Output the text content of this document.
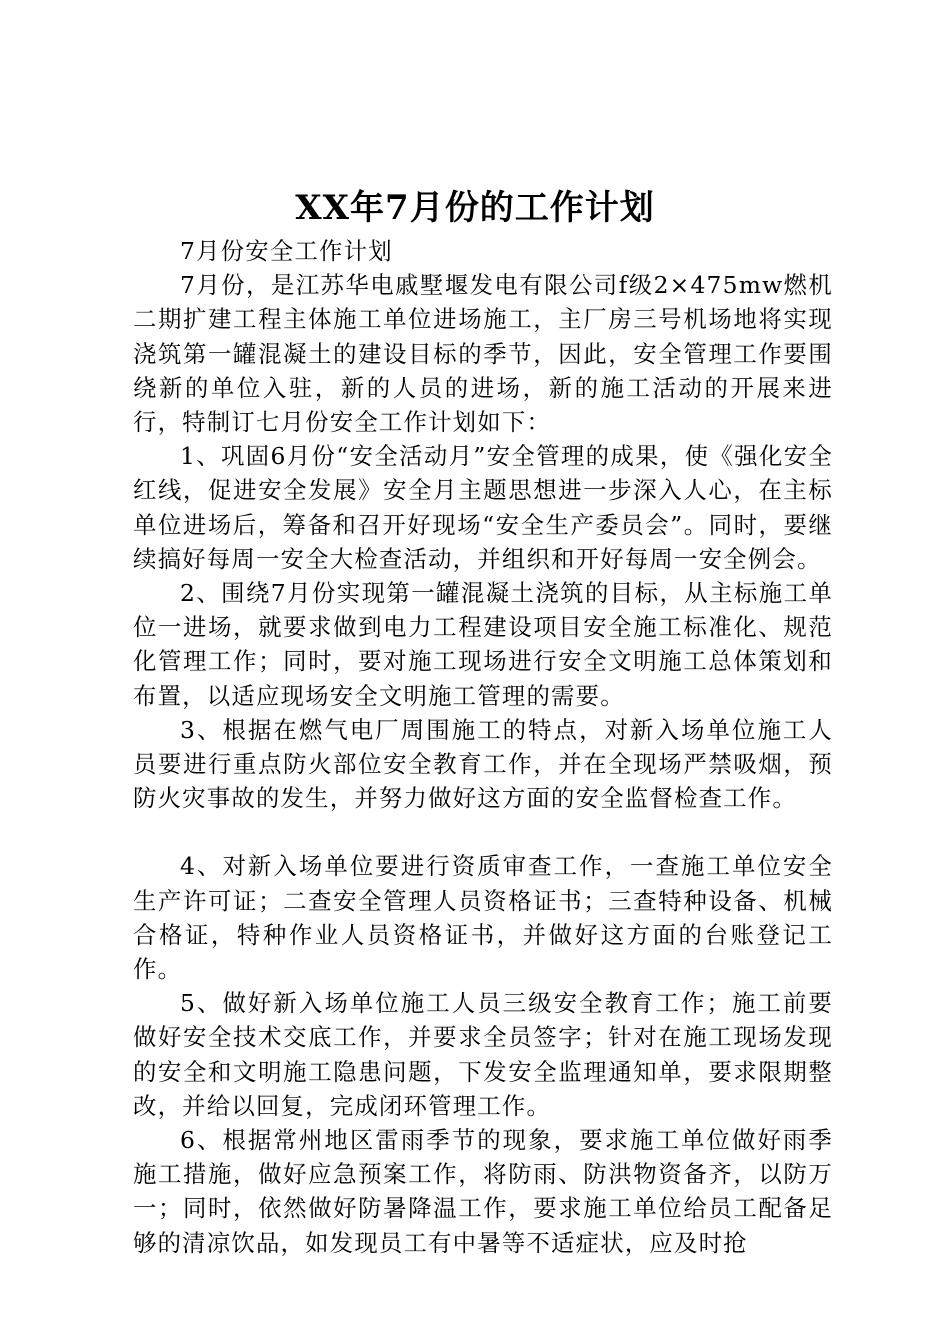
XX年7月份的工作计划

7月份安全工作计划

7月份，是江苏华电戚墅堰发电有限公司f级2×475mw燃机二期扩建工程主体施工单位进场施工，主厂房三号机场地将实现浇筑第一罐混凝土的建设目标的季节，因此，安全管理工作要围绕新的单位入驻，新的人员的进场，新的施工活动的开展来进行，特制订七月份安全工作计划如下：

1、巩固6月份“安全活动月”安全管理的成果，使《强化安全红线，促进安全发展》安全月主题思想进一步深入人心，在主标单位进场后，筹备和召开好现场“安全生产委员会”。同时，要继续搞好每周一安全大检查活动，并组织和开好每周一安全例会。

2、围绕7月份实现第一罐混凝土浇筑的目标，从主标施工单位一进场，就要求做到电力工程建设项目安全施工标准化、规范化管理工作；同时，要对施工现场进行安全文明施工总体策划和布置，以适应现场安全文明施工管理的需要。

3、根据在燃气电厂周围施工的特点，对新入场单位施工人员要进行重点防火部位安全教育工作，并在全现场严禁吸烟，预防火灾事故的发生，并努力做好这方面的安全监督检查工作。

4、对新入场单位要进行资质审查工作，一查施工单位安全生产许可证；二查安全管理人员资格证书；三查特种设备、机械合格证，特种作业人员资格证书，并做好这方面的台账登记工作。

5、做好新入场单位施工人员三级安全教育工作；施工前要做好安全技术交底工作，并要求全员签字；针对在施工现场发现的安全和文明施工隐患问题，下发安全监理通知单，要求限期整改，并给以回复，完成闭环管理工作。

6、根据常州地区雷雨季节的现象，要求施工单位做好雨季施工措施，做好应急预案工作，将防雨、防洪物资备齐，以防万一；同时，依然做好防暑降温工作，要求施工单位给员工配备足够的清凉饮品，如发现员工有中暑等不适症状，应及时抢
